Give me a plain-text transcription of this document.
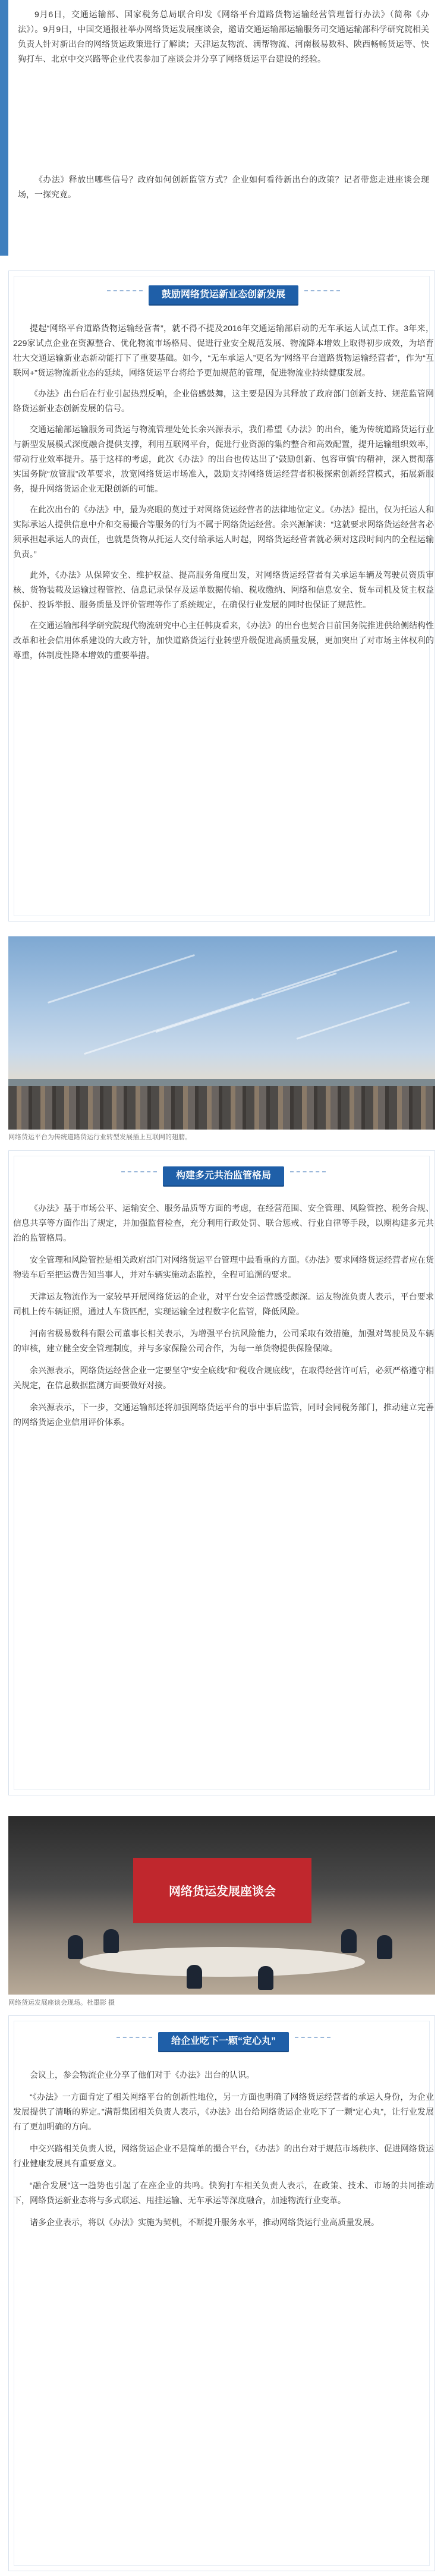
9月6日，交通运输部、国家税务总局联合印发《网络平台道路货物运输经营管理暂行办法》（简称《办法》）。9月9日，中国交通报社举办网络货运发展座谈会，邀请交通运输部运输服务司交通运输部科学研究院相关负责人针对新出台的网络货运政策进行了解读；天津运友物流、满帮物流、河南极易数科、陕西畅畅货运等、快狗打车、北京中交兴路等企业代表参加了座谈会并分享了网络货运平台建设的经验。

《办法》释放出哪些信号？政府如何创新监管方式？企业如何看待新出台的政策？记者带您走进座谈会现场，一探究竟。

鼓励网络货运新业态创新发展

提起“网络平台道路货物运输经营者”，就不得不提及2016年交通运输部启动的无车承运人试点工作。3年来，229家试点企业在资源整合、优化物流市场格局、促进行业安全规范发展、物流降本增效上取得初步成效，为培育壮大交通运输新业态新动能打下了重要基础。如今，“无车承运人”更名为“网络平台道路货物运输经营者”，作为“互联网+”货运物流新业态的延续，网络货运平台将给予更加规范的管理，促进物流业持续健康发展。

《办法》出台后在行业引起热烈反响，企业倍感鼓舞，这主要是因为其释放了政府部门创新支持、规范监管网络货运新业态创新发展的信号。

交通运输部运输服务司货运与物流管理处处长余兴源表示，我们希望《办法》的出台，能为传统道路货运行业与新型发展模式深度融合提供支撑，利用互联网平台，促进行业资源的集约整合和高效配置，提升运输组织效率，带动行业效率提升。基于这样的考虑，此次《办法》的出台也传达出了“鼓励创新、包容审慎”的精神，深入贯彻落实国务院“放管服”改革要求，放宽网络货运市场准入，鼓励支持网络货运经营者积极探索创新经营模式，拓展新服务，提升网络货运企业无限创新的可能。

在此次出台的《办法》中，最为亮眼的莫过于对网络货运经营者的法律地位定义。《办法》提出，仅为托运人和实际承运人提供信息中介和交易撮合等服务的行为不属于网络货运经营。余兴源解读：“这就要求网络货运经营者必须承担起承运人的责任，也就是货物从托运人交付给承运人时起，网络货运经营者就必须对这段时间内的全程运输负责。”

此外，《办法》从保障安全、维护权益、提高服务角度出发，对网络货运经营者有关承运车辆及驾驶员资质审核、货物装载及运输过程管控、信息记录保存及运单数据传输、税收缴纳、网络和信息安全、货车司机及货主权益保护、投诉举报、服务质量及评价管理等作了系统规定，在确保行业发展的同时也保证了规范性。

在交通运输部科学研究院现代物流研究中心主任韩庚看来，《办法》的出台也契合目前国务院推进供给侧结构性改革和社会信用体系建设的大政方针，加快道路货运行业转型升级促进高质量发展，更加突出了对市场主体权利的尊重，体制度性降本增效的重要举措。

网络货运平台为传统道路货运行业转型发展插上互联网的翅膀。
构建多元共治监管格局

《办法》基于市场公平、运输安全、服务品质等方面的考虑，在经营范围、安全管理、风险管控、税务合规、信息共享等方面作出了规定，并加强监督检查，充分利用行政处罚、联合惩戒、行业自律等手段，以期构建多元共治的监管格局。

安全管理和风险管控是相关政府部门对网络货运平台管理中最看重的方面。《办法》要求网络货运经营者应在货物装车后至把运费告知当事人，并对车辆实施动态监控，全程可追溯的要求。

天津运友物流作为一家较早开展网络货运的企业，对平台安全运营感受颇深。运友物流负责人表示，平台要求司机上传车辆证照，通过人车货匹配，实现运输全过程数字化监管，降低风险。

河南省极易数科有限公司董事长相关表示，为增强平台抗风险能力，公司采取有效措施，加强对驾驶员及车辆的审核，建立健全安全管理制度，并与多家保险公司合作，为每一单货物提供保险保障。

余兴源表示，网络货运经营企业一定要坚守“安全底线”和“税收合规底线”，在取得经营许可后，必须严格遵守相关规定，在信息数据监测方面要做好对接。

余兴源表示，下一步，交通运输部还将加强网络货运平台的事中事后监管，同时会同税务部门，推动建立完善的网络货运企业信用评价体系。

网络货运发展座谈会
网络货运发展座谈会现场。杜墨影 摄
给企业吃下一颗“定心丸”

会议上，参会物流企业分享了他们对于《办法》出台的认识。

“《办法》一方面肯定了相关网络平台的创新性地位，另一方面也明确了网络货运经营者的承运人身份，为企业发展提供了清晰的界定。”满帮集团相关负责人表示，《办法》出台给网络货运企业吃下了一颗“定心丸”，让行业发展有了更加明确的方向。

中交兴路相关负责人说，网络货运企业不是简单的撮合平台，《办法》的出台对于规范市场秩序、促进网络货运行业健康发展具有重要意义。

“融合发展”这一趋势也引起了在座企业的共鸣。快狗打车相关负责人表示，在政策、技术、市场的共同推动下，网络货运新业态将与多式联运、甩挂运输、无车承运等深度融合，加速物流行业变革。

诸多企业表示，将以《办法》实施为契机，不断提升服务水平，推动网络货运行业高质量发展。
